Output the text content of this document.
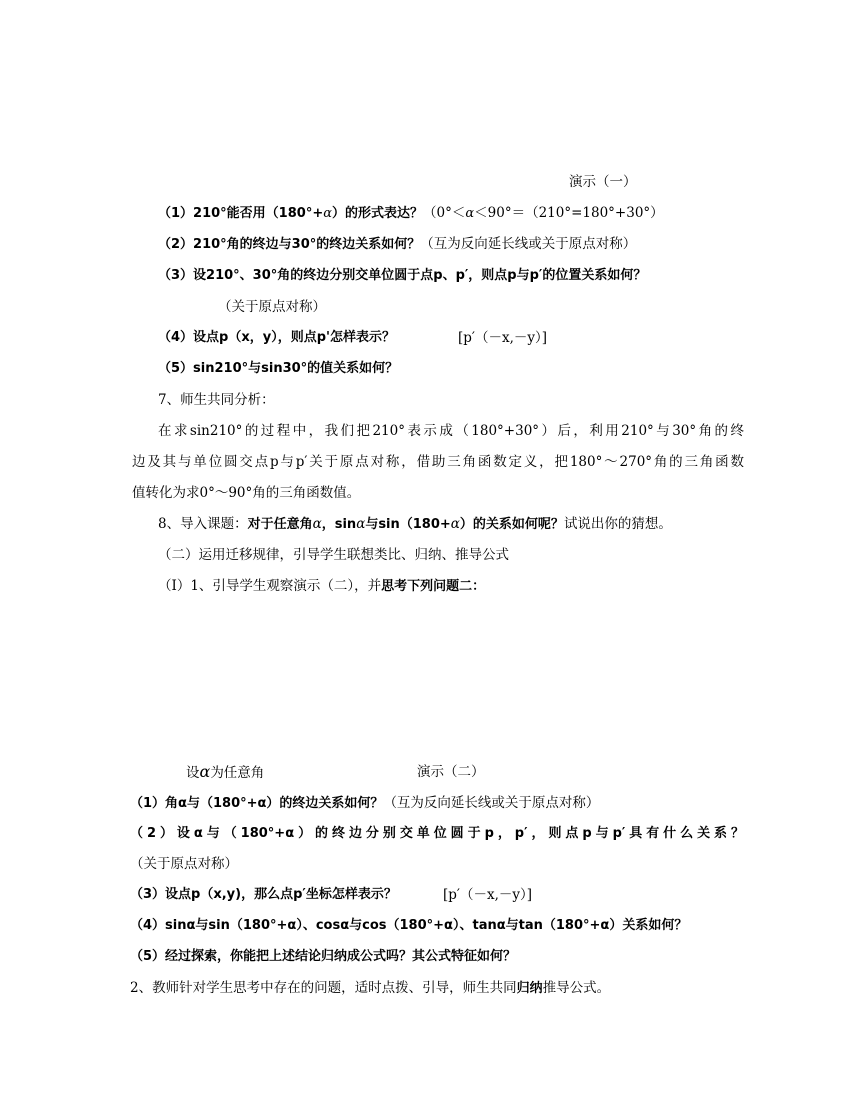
演示（一）
（1）210°能否用（180°+α）的形式表达？（0°＜α＜90°＝（210°=180°+30°）
（2）210°角的终边与30°的终边关系如何？（互为反向延长线或关于原点对称）
（3）设210°、30°角的终边分别交单位圆于点p、p′，则点p与p′的位置关系如何？
（关于原点对称）
（4）设点p（x，y），则点p'怎样表示？	[p′（－x,－y）]
（5）sin210°与sin30°的值关系如何？
7、师生共同分析：
在求sin210°的过程中，我们把210°表示成（180°+30°）后，利用210°与30°角的终
边及其与单位圆交点p与p′关于原点对称，借助三角函数定义，把180°～270°角的三角函数
值转化为求0°～90°角的三角函数值。
8、导入课题：对于任意角α，sinα与sin（180+α）的关系如何呢？试说出你的猜想。
（二）运用迁移规律，引导学生联想类比、归纳、推导公式
（I）1、引导学生观察演示（二），并思考下列问题二：
设α为任意角	演示（二）
（1）角α与（180°+α）的终边关系如何？（互为反向延长线或关于原点对称）
（2）设α与（180°+α）的终边分别交单位圆于p，p′，则点p与p′具有什么关系？
（关于原点对称）
（3）设点p（x,y)，那么点p′坐标怎样表示？	[p′（－x,－y）]
（4）sinα与sin（180°+α）、cosα与cos（180°+α）、tanα与tan（180°+α）关系如何？
（5）经过探索，你能把上述结论归纳成公式吗？其公式特征如何？
2、教师针对学生思考中存在的问题，适时点拨、引导，师生共同归纳推导公式。
